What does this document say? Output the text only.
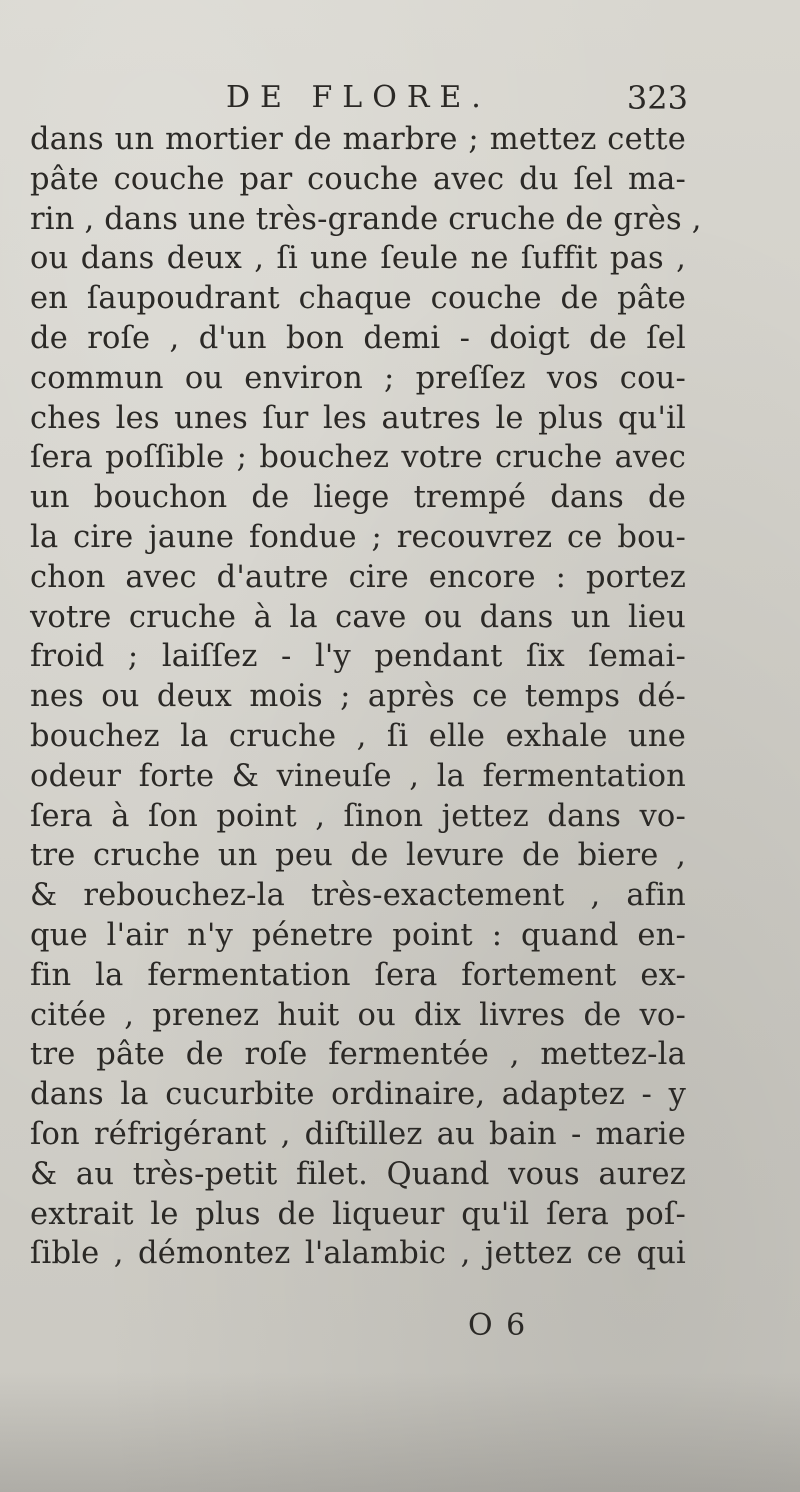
DE FLORE.	323
dans un mortier de marbre ; mettez cette
pâte couche par couche avec du ſel ma-
rin , dans une très-grande cruche de grès ,
ou dans deux , ſi une ſeule ne ſuffit pas ,
en ſaupoudrant chaque couche de pâte
de roſe , d'un bon demi - doigt de ſel
commun ou environ ; preſſez vos cou-
ches les unes ſur les autres le plus qu'il
ſera poſſible ; bouchez votre cruche avec
un bouchon de liege trempé dans de
la cire jaune fondue ; recouvrez ce bou-
chon avec d'autre cire encore : portez
votre cruche à la cave ou dans un lieu
froid ; laiſſez - l'y pendant ſix ſemai-
nes ou deux mois ; après ce temps dé-
bouchez la cruche , ſi elle exhale une
odeur forte & vineuſe , la fermentation
ſera à ſon point , ſinon jettez dans vo-
tre cruche un peu de levure de biere ,
& rebouchez-la très-exactement , afin
que l'air n'y pénetre point : quand en-
fin la fermentation ſera fortement ex-
citée , prenez huit ou dix livres de vo-
tre pâte de roſe fermentée , mettez-la
dans la cucurbite ordinaire, adaptez - y
ſon réfrigérant , diſtillez au bain - marie
& au très-petit filet. Quand vous aurez
extrait le plus de liqueur qu'il ſera poſ-
ſible , démontez l'alambic , jettez ce qui
O 6
